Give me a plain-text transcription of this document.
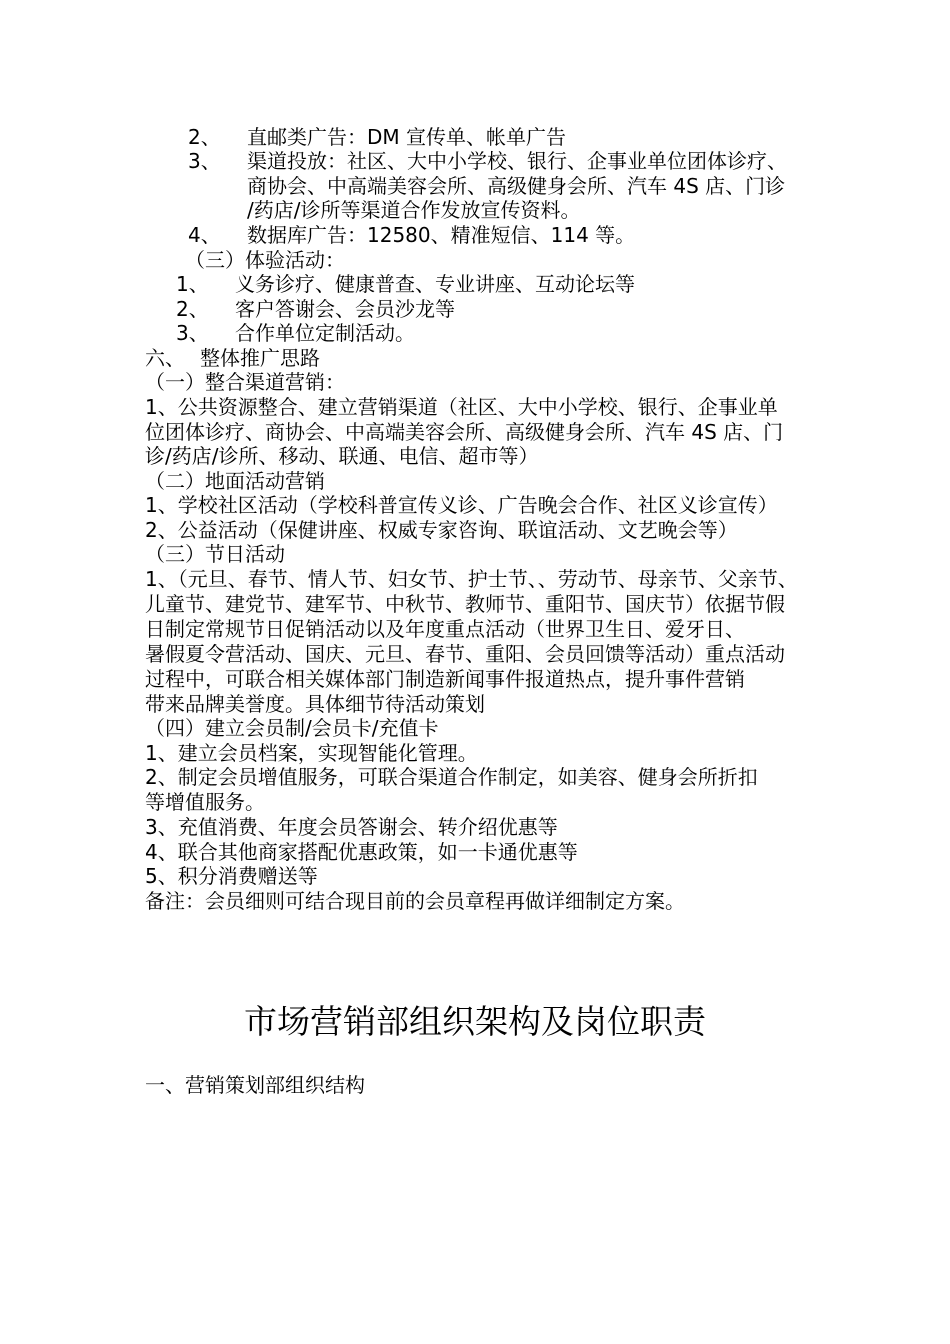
2、 直邮类广告：DM 宣传单、帐单广告
3、 渠道投放：社区、大中小学校、银行、企事业单位团体诊疗、
商协会、中高端美容会所、高级健身会所、汽车 4S 店、门诊
/药店/诊所等渠道合作发放宣传资料。
4、 数据库广告：12580、精准短信、114 等。
（三）体验活动：
1、 义务诊疗、健康普查、专业讲座、互动论坛等
2、 客户答谢会、会员沙龙等
3、 合作单位定制活动。
六、 整体推广思路
（一）整合渠道营销：
1、公共资源整合、建立营销渠道（社区、大中小学校、银行、企事业单
位团体诊疗、商协会、中高端美容会所、高级健身会所、汽车 4S 店、门
诊/药店/诊所、移动、联通、电信、超市等）
（二）地面活动营销
1、学校社区活动（学校科普宣传义诊、广告晚会合作、社区义诊宣传）
2、公益活动（保健讲座、权威专家咨询、联谊活动、文艺晚会等）
（三）节日活动
1、（元旦、春节、情人节、妇女节、护士节、、劳动节、母亲节、父亲节、
儿童节、建党节、建军节、中秋节、教师节、重阳节、国庆节）依据节假
日制定常规节日促销活动以及年度重点活动（世界卫生日、爱牙日、
暑假夏令营活动、国庆、元旦、春节、重阳、会员回馈等活动）重点活动
过程中，可联合相关媒体部门制造新闻事件报道热点，提升事件营销
带来品牌美誉度。具体细节待活动策划
（四）建立会员制/会员卡/充值卡
1、建立会员档案，实现智能化管理。
2、制定会员增值服务，可联合渠道合作制定，如美容、健身会所折扣
等增值服务。
3、充值消费、年度会员答谢会、转介绍优惠等
4、联合其他商家搭配优惠政策，如一卡通优惠等
5、积分消费赠送等
备注：会员细则可结合现目前的会员章程再做详细制定方案。
市场营销部组织架构及岗位职责
一、营销策划部组织结构
